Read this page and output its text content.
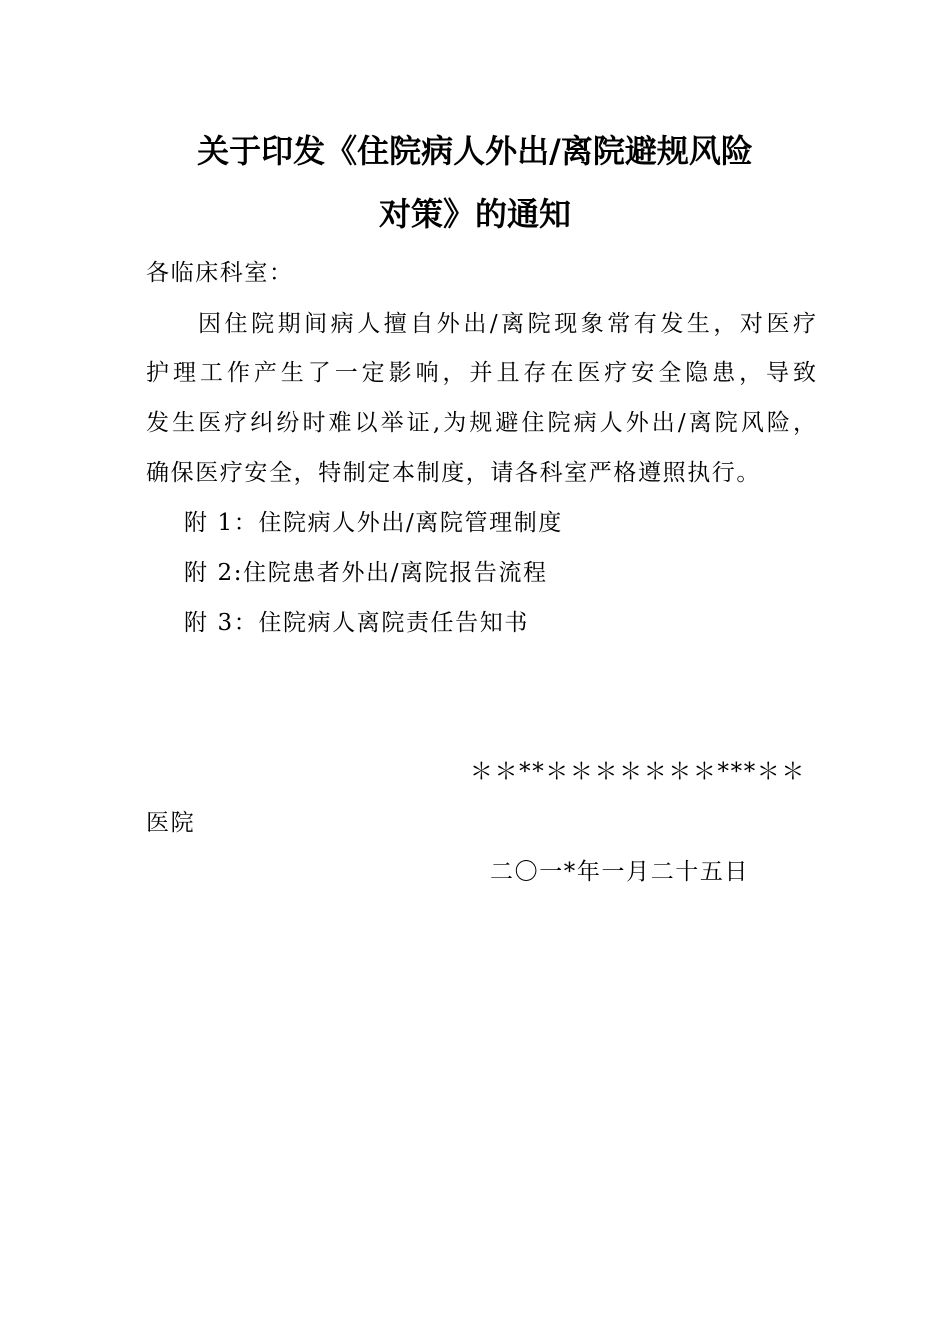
关于印发《住院病人外出/离院避规风险
对策》的通知
各临床科室：
因住院期间病人擅自外出/离院现象常有发生，对医疗
护理工作产生了一定影响，并且存在医疗安全隐患，导致
发生医疗纠纷时难以举证,为规避住院病人外出/离院风险，
确保医疗安全，特制定本制度，请各科室严格遵照执行。
附 1：住院病人外出/离院管理制度
附 2:住院患者外出/离院报告流程
附 3：住院病人离院责任告知书
＊＊**＊＊＊＊＊＊＊***＊＊
医院
二〇一*年一月二十五日
